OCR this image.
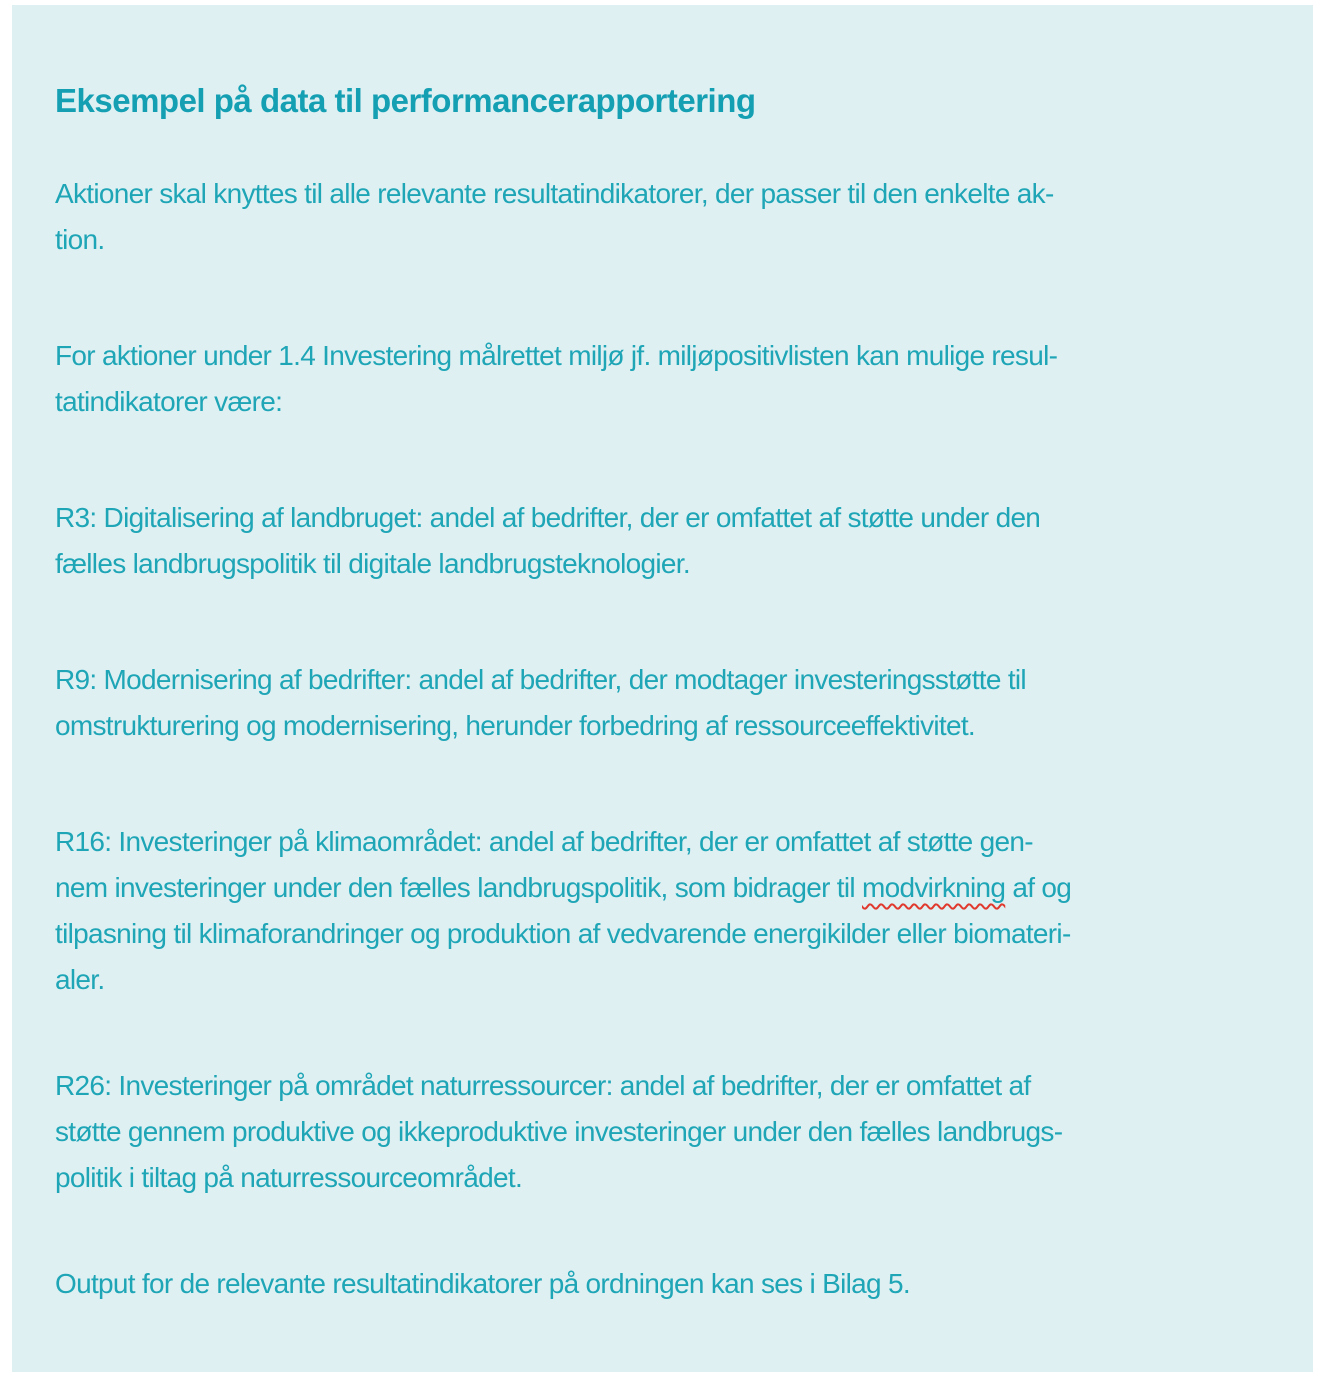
Eksempel på data til performancerapportering
Aktioner skal knyttes til alle relevante resultatindikatorer, der passer til den enkelte ak-
tion.
For aktioner under 1.4 Investering målrettet miljø jf. miljøpositivlisten kan mulige resul-
tatindikatorer være:
R3: Digitalisering af landbruget: andel af bedrifter, der er omfattet af støtte under den
fælles landbrugspolitik til digitale landbrugsteknologier.
R9: Modernisering af bedrifter: andel af bedrifter, der modtager investeringsstøtte til
omstrukturering og modernisering, herunder forbedring af ressourceeffektivitet.
R16: Investeringer på klimaområdet: andel af bedrifter, der er omfattet af støtte gen-
nem investeringer under den fælles landbrugspolitik, som bidrager til modvirkning af og
tilpasning til klimaforandringer og produktion af vedvarende energikilder eller biomateri-
aler.
R26: Investeringer på området naturressourcer: andel af bedrifter, der er omfattet af
støtte gennem produktive og ikkeproduktive investeringer under den fælles landbrugs-
politik i tiltag på naturressourceområdet.
Output for de relevante resultatindikatorer på ordningen kan ses i Bilag 5.
